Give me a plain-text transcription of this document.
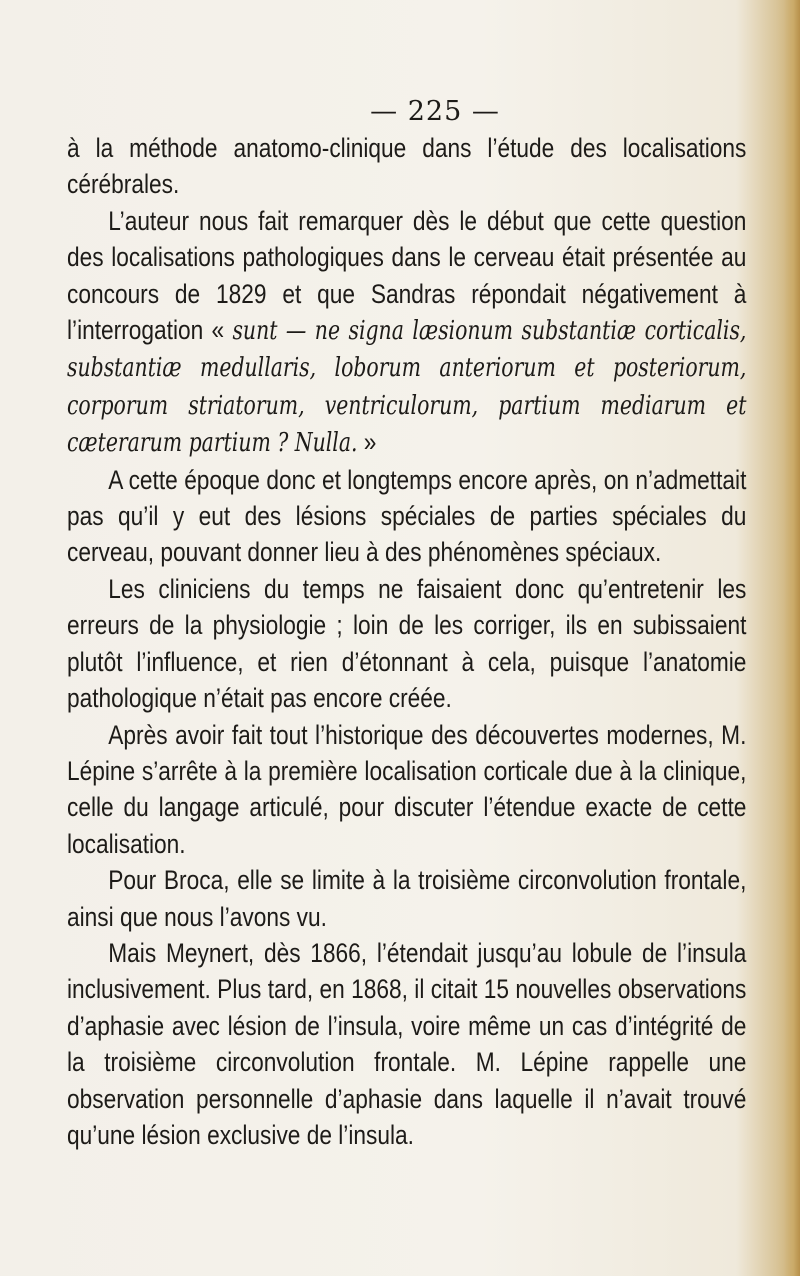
— 225 —

à la méthode anatomo-clinique dans l’étude des localisations cérébrales.

L’auteur nous fait remarquer dès le début que cette question des localisations pathologiques dans le cerveau était présentée au concours de 1829 et que Sandras répondait négativement à l’interrogation « sunt — ne signa læsionum substantiæ corticalis, substantiæ medullaris, loborum anteriorum et posteriorum, corporum striatorum, ventriculorum, partium mediarum et cæterarum partium ? Nulla. »

A cette époque donc et longtemps encore après, on n’admettait pas qu’il y eut des lésions spéciales de parties spéciales du cerveau, pouvant donner lieu à des phénomènes spéciaux.

Les cliniciens du temps ne faisaient donc qu’entretenir les erreurs de la physiologie ; loin de les corriger, ils en subissaient plutôt l’influence, et rien d’étonnant à cela, puisque l’anatomie pathologique n’était pas encore créée.

Après avoir fait tout l’historique des découvertes modernes, M. Lépine s’arrête à la première localisation corticale due à la clinique, celle du langage articulé, pour discuter l’étendue exacte de cette localisation.

Pour Broca, elle se limite à la troisième circonvolution frontale, ainsi que nous l’avons vu.

Mais Meynert, dès 1866, l’étendait jusqu’au lobule de l’insula inclusivement. Plus tard, en 1868, il citait 15 nouvelles observations d’aphasie avec lésion de l’insula, voire même un cas d’intégrité de la troisième circonvolution frontale. M. Lépine rappelle une observation personnelle d’aphasie dans laquelle il n’avait trouvé qu’une lésion exclusive de l’insula.
